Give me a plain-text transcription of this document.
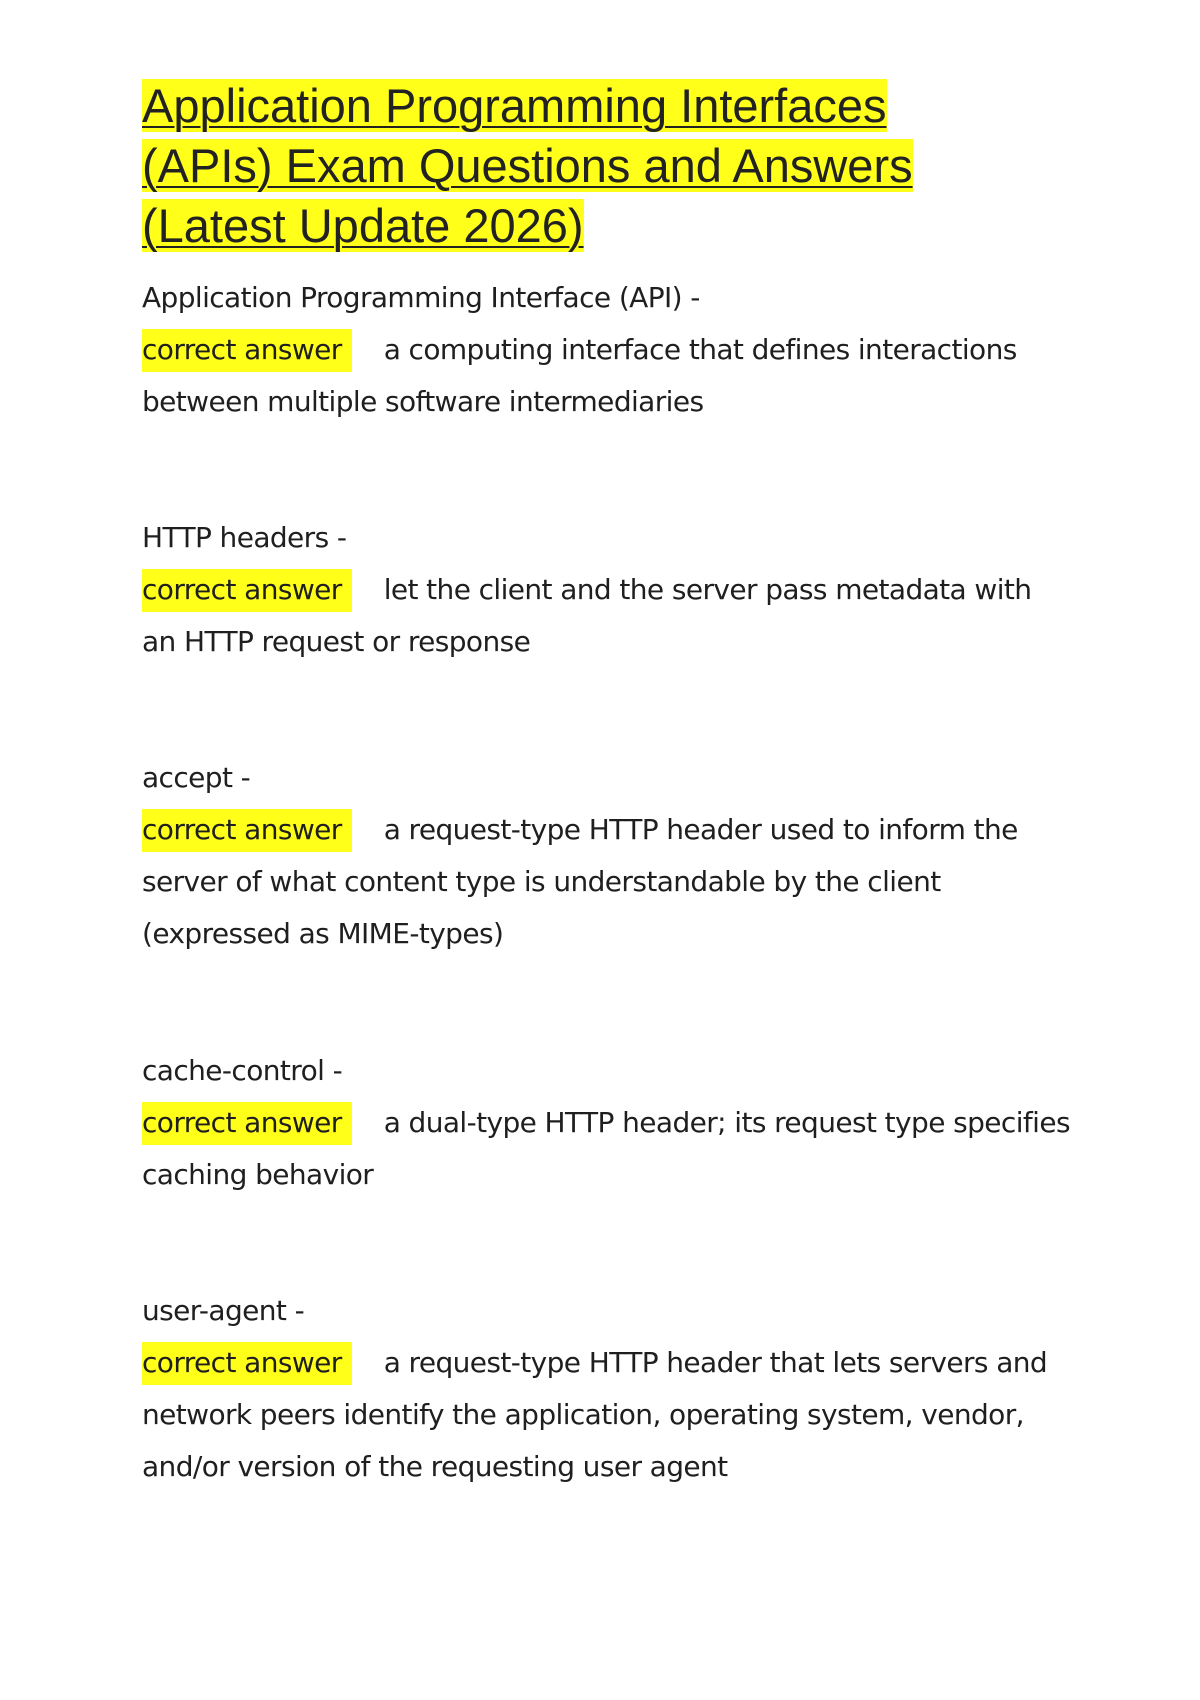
Application Programming Interfaces
(APIs) Exam Questions and Answers
(Latest Update 2026)
Application Programming Interface (API) -
correct answer a computing interface that defines interactions between multiple software intermediaries
HTTP headers -
correct answer let the client and the server pass metadata with an HTTP request or response
accept -
correct answer a request-type HTTP header used to inform the server of what content type is understandable by the client (expressed as MIME-types)
cache-control -
correct answer a dual-type HTTP header; its request type specifies caching behavior
user-agent -
correct answer a request-type HTTP header that lets servers and network peers identify the application, operating system, vendor, and/or version of the requesting user agent
